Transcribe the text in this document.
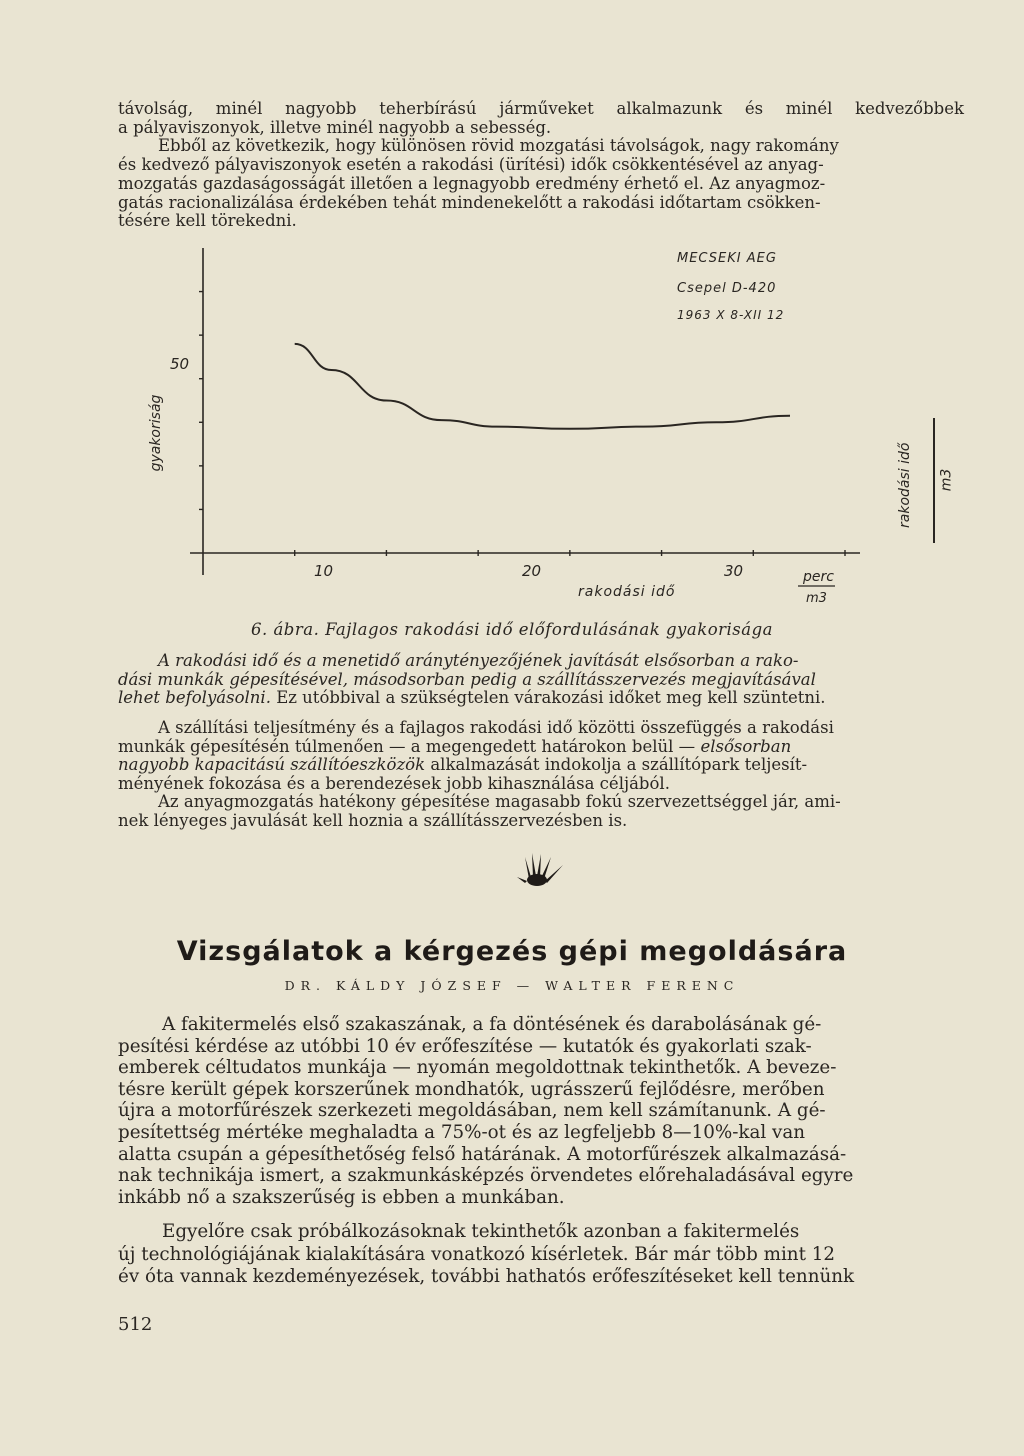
távolság, minél nagyobb teherbírású járműveket alkalmazunk és minél kedvezőbbek
a pályaviszonyok, illetve minél nagyobb a sebesség.
Ebből az következik, hogy különösen rövid mozgatási távolságok, nagy rakomány
és kedvező pályaviszonyok esetén a rakodási (ürítési) idők csökkentésével az anyag-
mozgatás gazdaságosságát illetően a legnagyobb eredmény érhető el. Az anyagmoz-
gatás racionalizálása érdekében tehát mindenekelőtt a rakodási időtartam csökken-
tésére kell törekedni.
50
gyakoriság
10	20	30
rakodási idő
perc
m3
MECSEKI AEG
Csepel D-420
1963 X 8-XII 12
rakodási idő m3
6. ábra. Fajlagos rakodási idő előfordulásának gyakorisága
A rakodási idő és a menetidő aránytényezőjének javítását elsősorban a rako-
dási munkák gépesítésével, másodsorban pedig a szállításszervezés megjavításával
lehet befolyásolni. Ez utóbbival a szükségtelen várakozási időket meg kell szüntetni.
A szállítási teljesítmény és a fajlagos rakodási idő közötti összefüggés a rakodási
munkák gépesítésén túlmenően — a megengedett határokon belül — elsősorban
nagyobb kapacitású szállítóeszközök alkalmazását indokolja a szállítópark teljesít-
ményének fokozása és a berendezések jobb kihasználása céljából.
Az anyagmozgatás hatékony gépesítése magasabb fokú szervezettséggel jár, ami-
nek lényeges javulását kell hoznia a szállításszervezésben is.
Vizsgálatok a kérgezés gépi megoldására
DR. KÁLDY JÓZSEF — WALTER FERENC
A fakitermelés első szakaszának, a fa döntésének és darabolásának gé-
pesítési kérdése az utóbbi 10 év erőfeszítése — kutatók és gyakorlati szak-
emberek céltudatos munkája — nyomán megoldottnak tekinthetők. A beveze-
tésre került gépek korszerűnek mondhatók, ugrásszerű fejlődésre, merőben
újra a motorfűrészek szerkezeti megoldásában, nem kell számítanunk. A gé-
pesítettség mértéke meghaladta a 75%-ot és az legfeljebb 8—10%-kal van
alatta csupán a gépesíthetőség felső határának. A motorfűrészek alkalmazásá-
nak technikája ismert, a szakmunkásképzés örvendetes előrehaladásával egyre
inkább nő a szakszerűség is ebben a munkában.
Egyelőre csak próbálkozásoknak tekinthetők azonban a fakitermelés
új technológiájának kialakítására vonatkozó kísérletek. Bár már több mint 12
év óta vannak kezdeményezések, további hathatós erőfeszítéseket kell tennünk
512
